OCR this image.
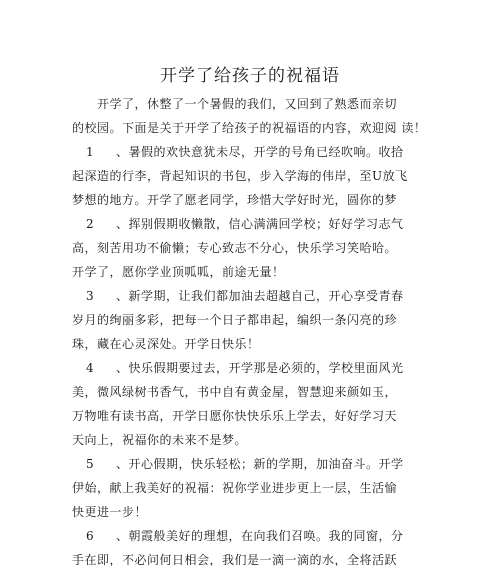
开学了给孩子的祝福语
　　开学了，休整了一个暑假的我们，又回到了熟悉而亲切
的校园。下面是关于开学了给孩子的祝福语的内容，欢迎阅 读！
1 、暑假的欢快意犹未尽，开学的号角已经吹响。收拾
起深造的行李，背起知识的书包，步入学海的伟岸，至U放飞
梦想的地方。开学了愿老同学，珍惜大学好时光，圆你的梦
2 、挥别假期收懒散，信心满满回学校；好好学习志气
高，刻苦用功不偷懒；专心致志不分心，快乐学习笑哈哈。
开学了，愿你学业顶呱呱，前途无量！
3 、新学期，让我们都加油去超越自己，开心享受青春
岁月的绚丽多彩，把每一个日子都串起，编织一条闪亮的珍
珠，藏在心灵深处。开学日快乐！
4 、快乐假期要过去，开学那是必须的，学校里面风光
美，微风绿树书香气，书中自有黄金屋，智慧迎来颜如玉，
万物唯有读书高，开学日愿你快快乐乐上学去，好好学习天
天向上，祝福你的未来不是梦。
5 、开心假期，快乐轻松；新的学期，加油奋斗。开学
伊始，献上我美好的祝福：祝你学业进步更上一层，生活愉
快更进一步！
6 、朝霞般美好的理想，在向我们召唤。我的同窗，分
手在即，不必问何日相会，我们是一滴一滴的水，全将活跃
